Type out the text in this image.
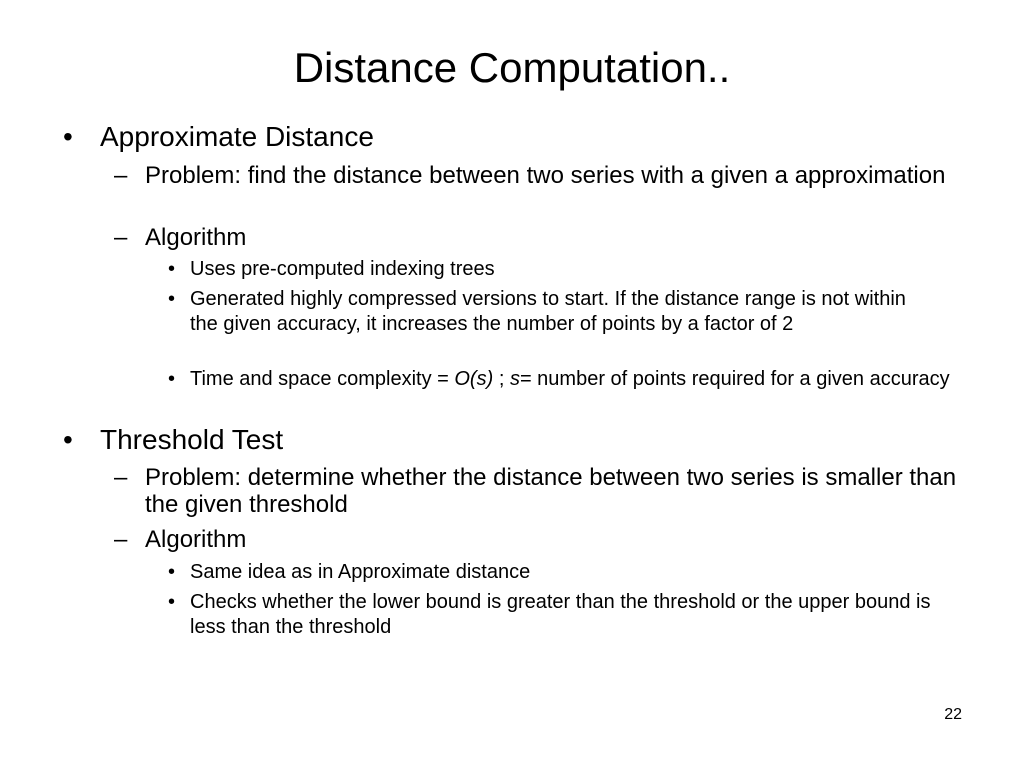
Distance Computation..
• Approximate Distance
– Problem: find the distance between two series with a given a approximation
– Algorithm
• Uses pre-computed indexing trees
• Generated highly compressed versions to start. If the distance range is not within the given accuracy, it increases the number of points by a factor of 2
• Time and space complexity = O(s) ; s= number of points required for a given accuracy
• Threshold Test
– Problem: determine whether the distance between two series is smaller than the given threshold
– Algorithm
• Same idea as in Approximate distance
• Checks whether the lower bound is greater than the threshold or the upper bound is less than the threshold
22
